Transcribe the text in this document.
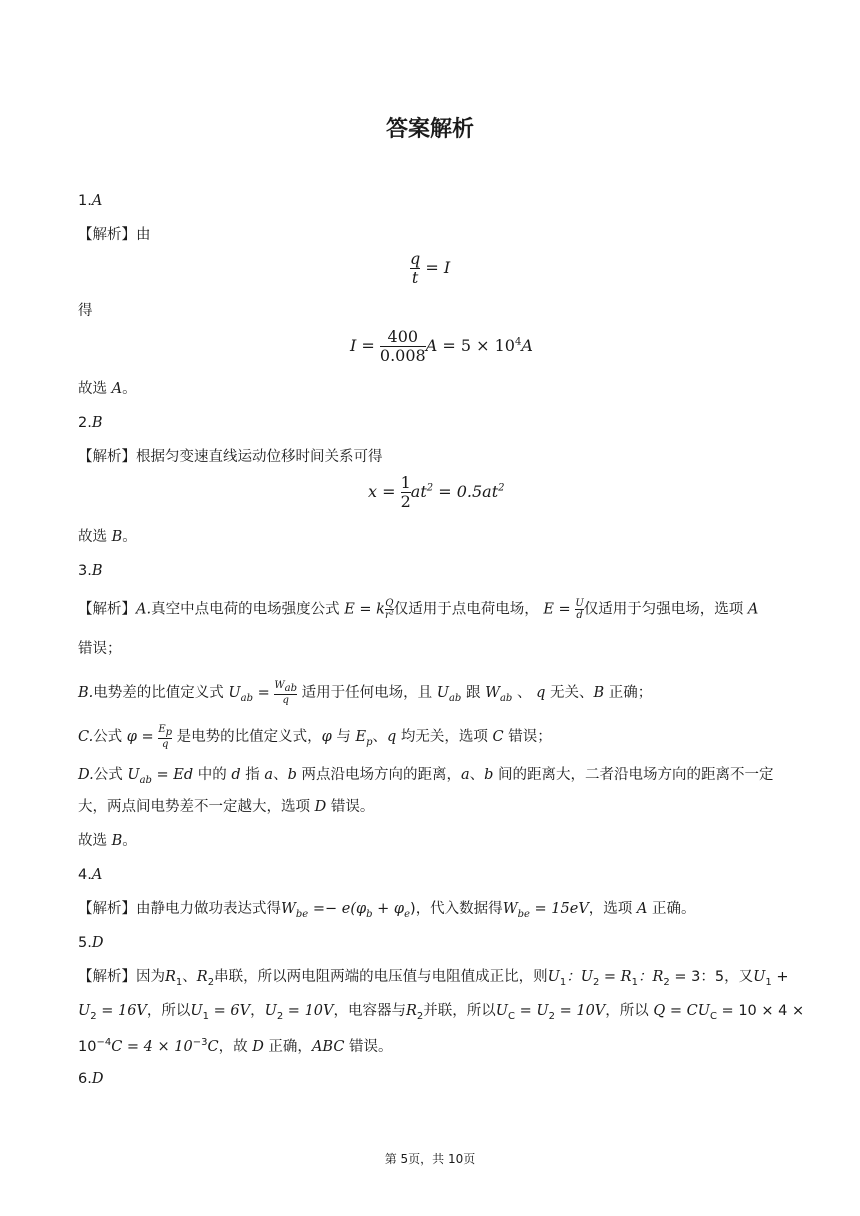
答案解析
1.A
【解析】由
$\frac{q}{t} = I$
得
$I = \frac{400}{0.008}$ $A = 5 \times 10^4A$
故选 A。
2.B
【解析】根据匀变速直线运动位移时间关系可得
$x = \frac{1}{2} at^2 = 0.5at^2$
故选 B。
3.B
【解析】A.真空中点电荷的电场强度公式 E = k $\frac{Q}{\text{r²}}$ 仅适用于点电荷电场， $E = \frac{U}{d}$ 仅适用于匀强电场，选项 A
错误；
B.电势差的比值定义式 $U_{ab} = W_{ab}$
q 适用于任何电场，且 $U_{ab}$ 跟 $W_{ab}$ 、 q 无关、B 正确；
C.公式 $\varphi = \frac{E_p}{q}$ 是电势的比值定义式，φ 与 $E_p$、q 均无关，选项 C 错误；
D.公式 $U_{ab} = Ed$ 中的 d 指 a、b 两点沿电场方向的距离，a、b 间的距离大，二者沿电场方向的距离不一定
大，两点间电势差不一定越大，选项 D 错误。
故选 B。
4.A
【解析】由静电力做功表达式得$W_{be} =- e(\varphi_b + \varphi_e)$，代入数据得$W_{be} = 15eV$，选项 A 正确。
5.D
【解析】因为$R_1$、$R_2$串联，所以两电阻两端的电压值与电阻值成正比，则$U_1$：$U_2 = R_1$：$R_2 = 3$：5，又$U_1$ +
$U_2 = 16V$，所以$U_1 = 6V$，$U_2 = 10V$，电容器与$R_2$并联，所以$U_C = U_2 = 10V$，所以 $Q = CU_C = 10 \times 4$ ×
$10^{-4}C = 4 \times 10^{-3}C$，故 D 正确，ABC 错误。
6.D
第 5页，共 10页
